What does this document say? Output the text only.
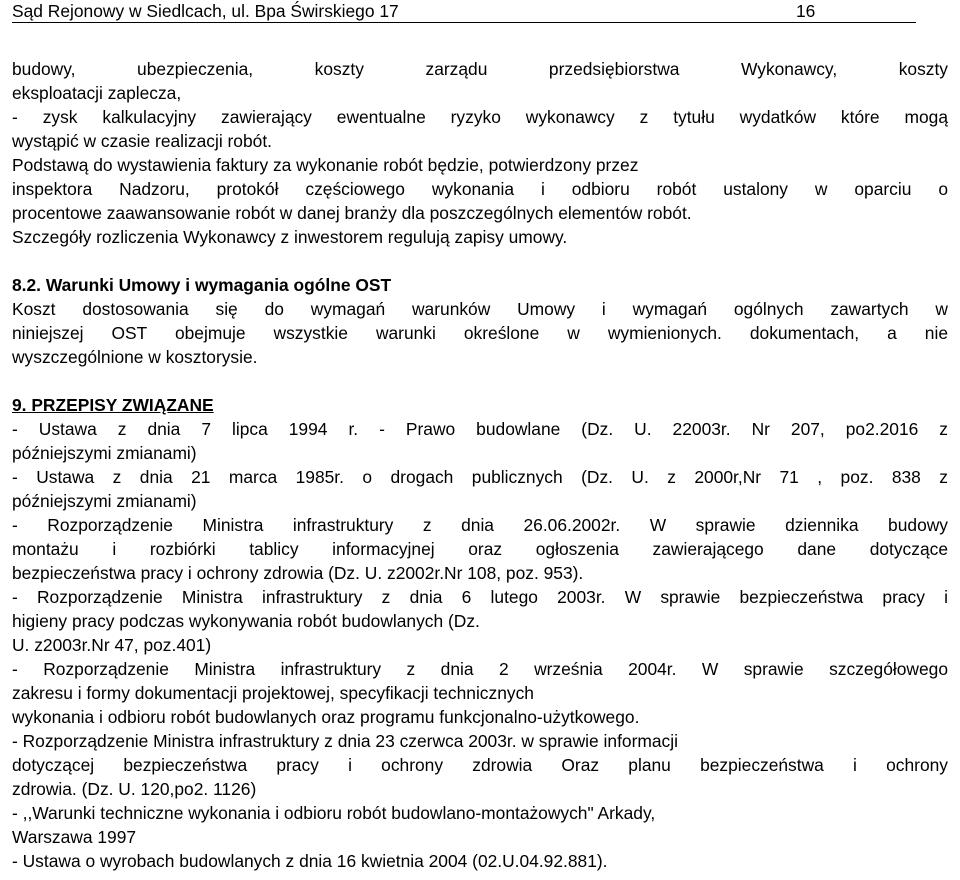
Sąd Rejonowy w Siedlcach, ul. Bpa Świrskiego 17	16

budowy, ubezpieczenia, koszty zarządu przedsiębiorstwa Wykonawcy, koszty

eksploatacji zaplecza,

- zysk kalkulacyjny zawierający ewentualne ryzyko wykonawcy z tytułu wydatków które mogą

wystąpić w czasie realizacji robót.

Podstawą do wystawienia faktury za wykonanie robót będzie, potwierdzony przez

inspektora Nadzoru, protokół częściowego wykonania i odbioru robót ustalony w oparciu o

procentowe zaawansowanie robót w danej branży dla poszczególnych elementów robót.

Szczegóły rozliczenia Wykonawcy z inwestorem regulują zapisy umowy.

8.2. Warunki Umowy i wymagania ogólne OST

Koszt dostosowania się do wymagań warunków Umowy i wymagań ogólnych zawartych w

niniejszej OST obejmuje wszystkie warunki określone w wymienionych. dokumentach, a nie

wyszczególnione w kosztorysie.

9. PRZEPISY ZWIĄZANE

- Ustawa z dnia 7 lipca 1994 r. - Prawo budowlane (Dz. U. 22003r. Nr 207, po2.2016 z

późniejszymi zmianami)

- Ustawa z dnia 21 marca 1985r. o drogach publicznych (Dz. U. z 2000r,Nr 71 , poz. 838 z

późniejszymi zmianami)

- Rozporządzenie Ministra infrastruktury z dnia 26.06.2002r. W sprawie dziennika budowy

montażu i rozbiórki tablicy informacyjnej oraz ogłoszenia zawierającego dane dotyczące

bezpieczeństwa pracy i ochrony zdrowia (Dz. U. z2002r.Nr 108, poz. 953).

- Rozporządzenie Ministra infrastruktury z dnia 6 lutego 2003r. W sprawie bezpieczeństwa pracy i

higieny pracy podczas wykonywania robót budowlanych (Dz.

U. z2003r.Nr 47, poz.401)

- Rozporządzenie Ministra infrastruktury z dnia 2 września 2004r. W sprawie szczegółowego

zakresu i formy dokumentacji projektowej, specyfikacji technicznych

wykonania i odbioru robót budowlanych oraz programu funkcjonalno-użytkowego.

- Rozporządzenie Ministra infrastruktury z dnia 23 czerwca 2003r. w sprawie informacji

dotyczącej bezpieczeństwa pracy i ochrony zdrowia Oraz planu bezpieczeństwa i ochrony

zdrowia. (Dz. U. 120,po2. 1126)

- ,,Warunki techniczne wykonania i odbioru robót budowlano-montażowych" Arkady,

Warszawa 1997

- Ustawa o wyrobach budowlanych z dnia 16 kwietnia 2004 (02.U.04.92.881).
